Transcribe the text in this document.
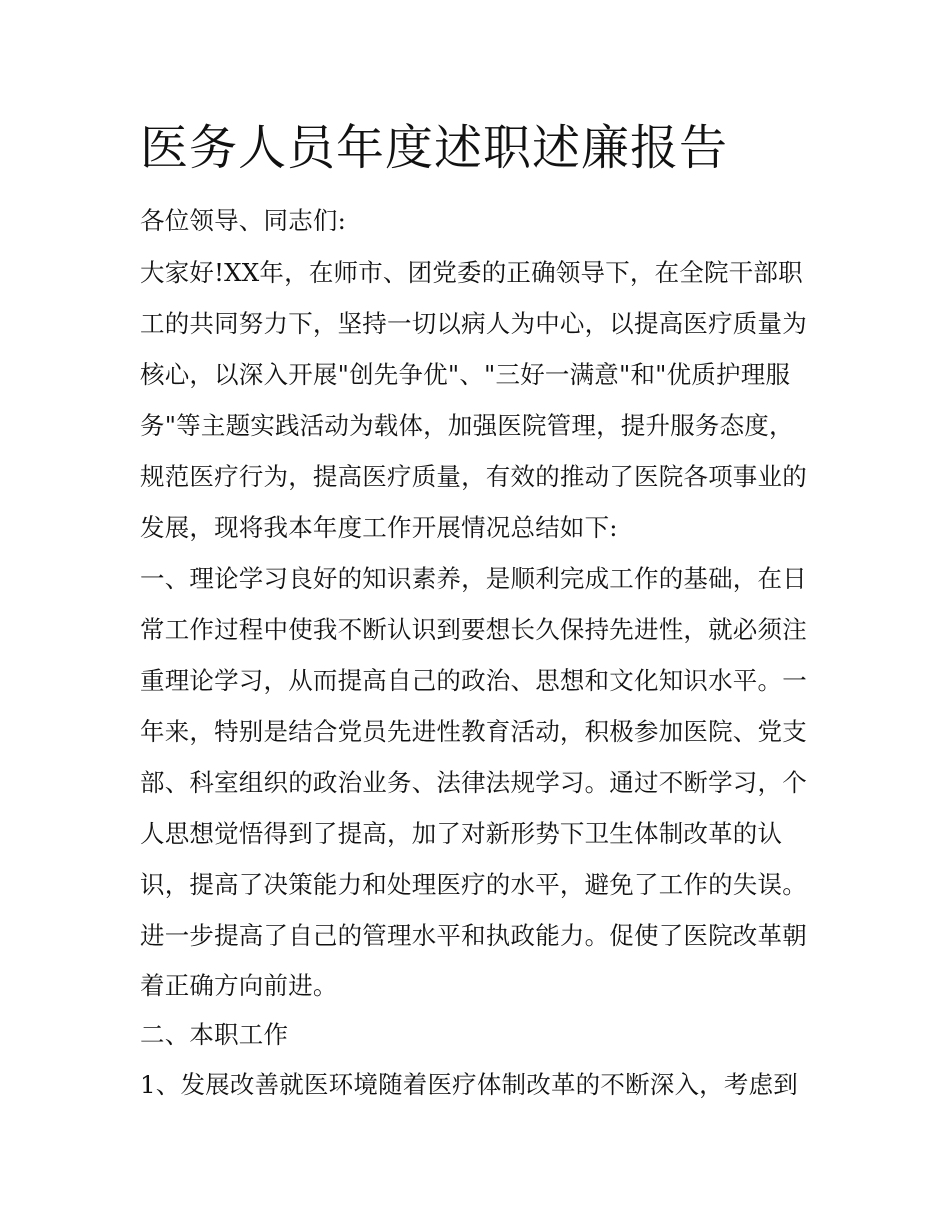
医务人员年度述职述廉报告

各位领导、同志们:

大家好!XX年，在师市、团党委的正确领导下，在全院干部职

工的共同努力下，坚持一切以病人为中心，以提高医疗质量为

核心，以深入开展"创先争优"、"三好一满意"和"优质护理服

务"等主题实践活动为载体，加强医院管理，提升服务态度，

规范医疗行为，提高医疗质量，有效的推动了医院各项事业的

发展，现将我本年度工作开展情况总结如下:

一、理论学习良好的知识素养，是顺利完成工作的基础，在日

常工作过程中使我不断认识到要想长久保持先进性，就必须注

重理论学习，从而提高自己的政治、思想和文化知识水平。一

年来，特别是结合党员先进性教育活动，积极参加医院、党支

部、科室组织的政治业务、法律法规学习。通过不断学习，个

人思想觉悟得到了提高，加了对新形势下卫生体制改革的认

识，提高了决策能力和处理医疗的水平，避免了工作的失误。

进一步提高了自己的管理水平和执政能力。促使了医院改革朝

着正确方向前进。

二、本职工作

1、发展改善就医环境随着医疗体制改革的不断深入，考虑到
